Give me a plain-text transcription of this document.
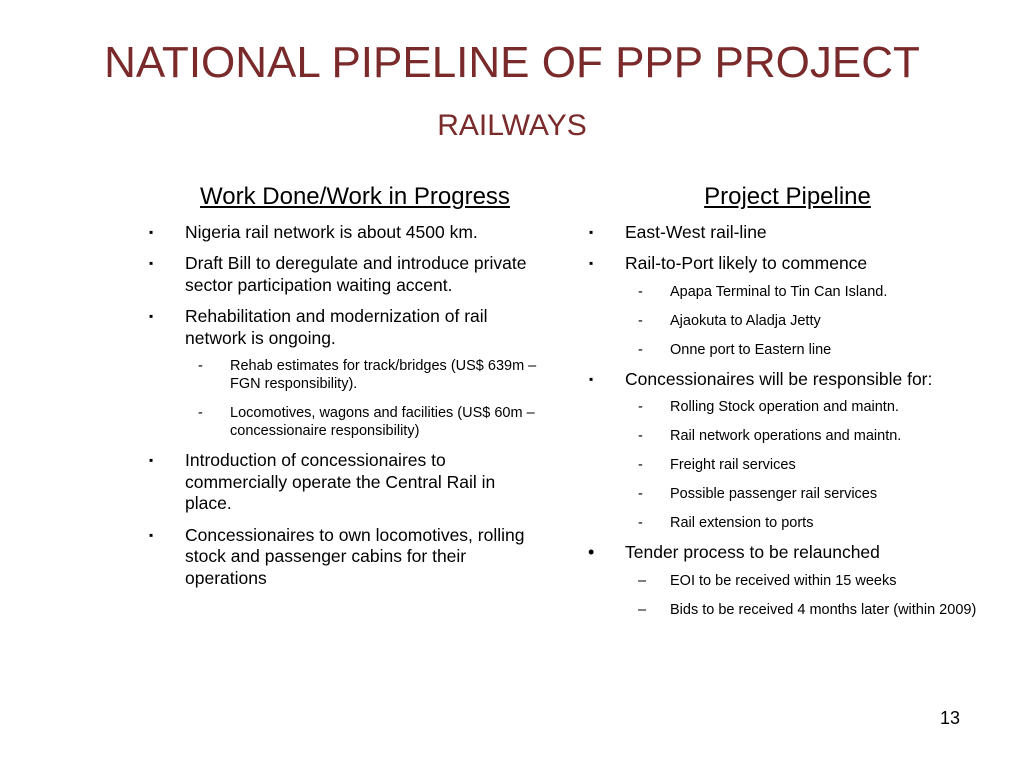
NATIONAL PIPELINE OF PPP PROJECT
RAILWAYS
Work Done/Work in Progress
▪ Nigeria rail network is about 4500 km.
▪ Draft Bill to deregulate and introduce private sector participation waiting accent.
▪ Rehabilitation and modernization of rail network is ongoing.
- Rehab estimates for track/bridges (US$ 639m – FGN responsibility).
- Locomotives, wagons and facilities (US$ 60m – concessionaire responsibility)
▪ Introduction of concessionaires to commercially operate the Central Rail in place.
▪ Concessionaires to own locomotives, rolling stock and passenger cabins for their operations
Project Pipeline
▪ East-West rail-line
▪ Rail-to-Port likely to commence
- Apapa Terminal to Tin Can Island.
- Ajaokuta to Aladja Jetty
- Onne port to Eastern line
▪ Concessionaires will be responsible for:
- Rolling Stock operation and maintn.
- Rail network operations and maintn.
- Freight rail services
- Possible passenger rail services
- Rail extension to ports
• Tender process to be relaunched
– EOI to be received within 15 weeks
– Bids to be received 4 months later (within 2009)
13
